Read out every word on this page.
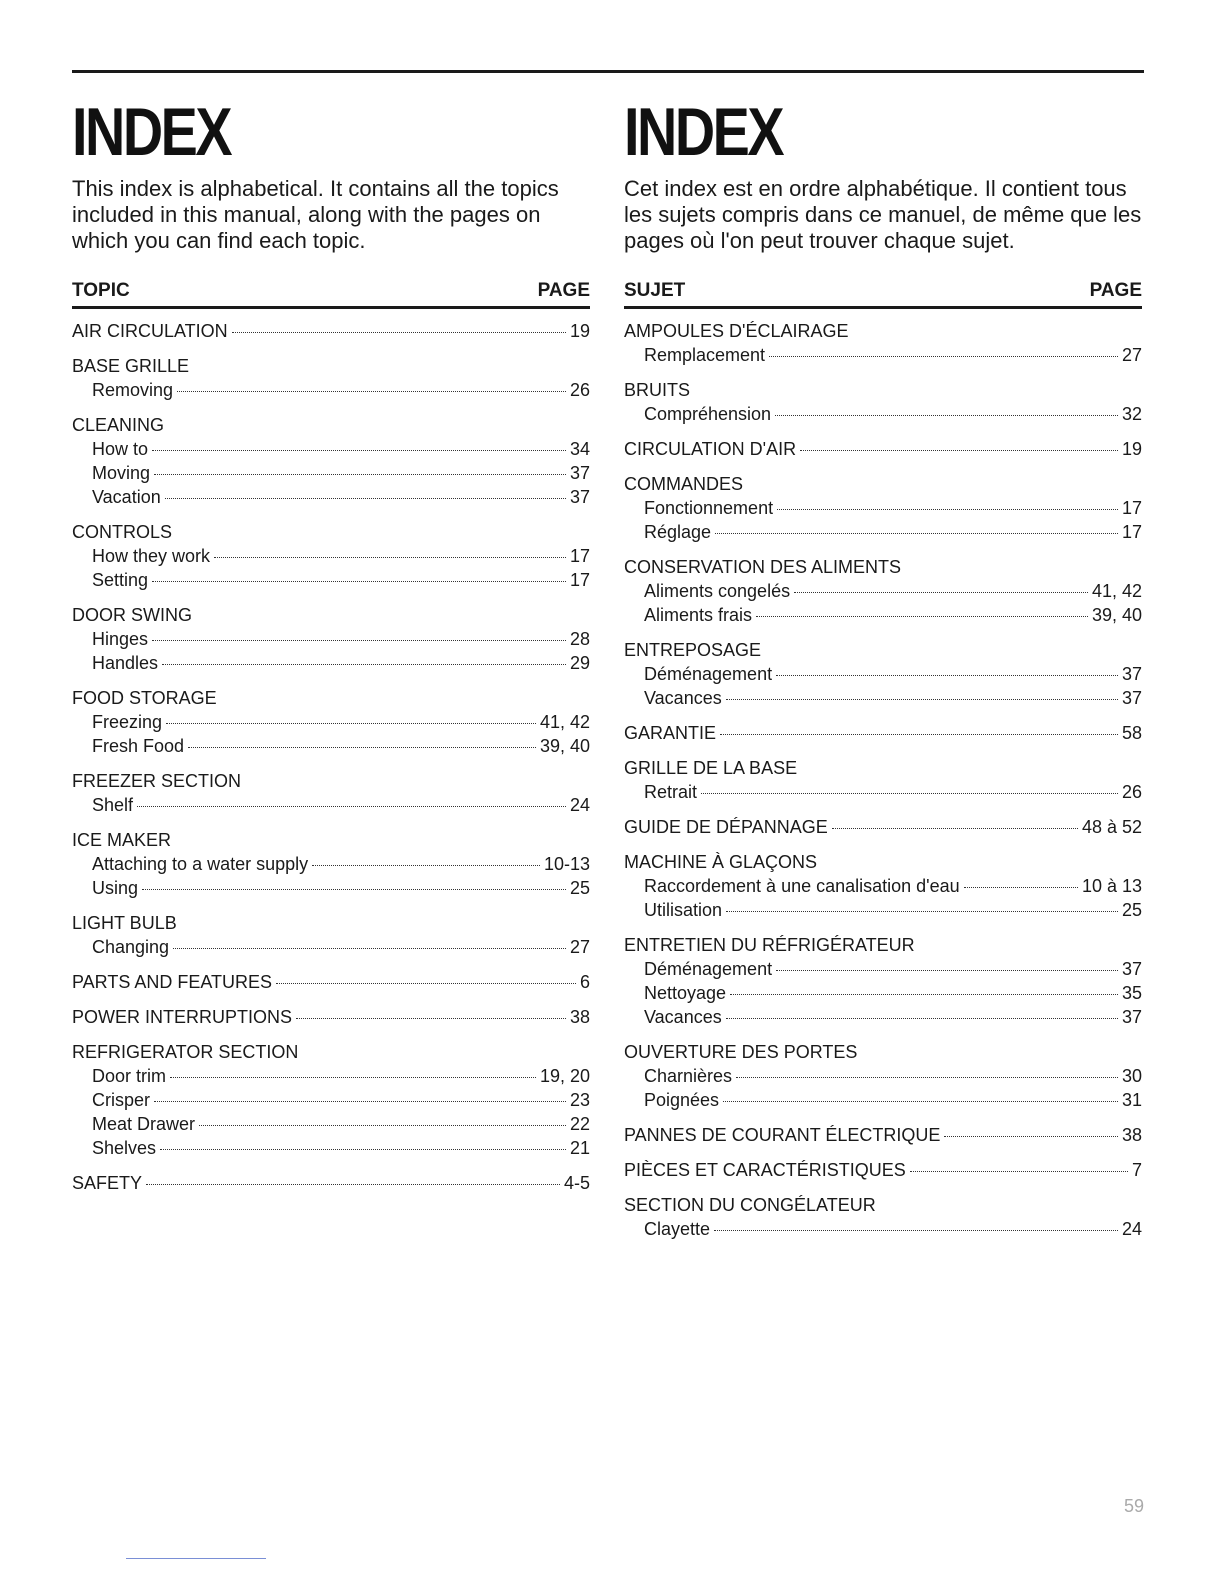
INDEX

This index is alphabetical. It contains all the topics included in this manual, along with the pages on which you can find each topic.

TOPIC	PAGE
AIR CIRCULATION	19
BASE GRILLE
Removing	26
CLEANING
How to	34
Moving	37
Vacation	37
CONTROLS
How they work	17
Setting	17
DOOR SWING
Hinges	28
Handles	29
FOOD STORAGE
Freezing	41, 42
Fresh Food	39, 40
FREEZER SECTION
Shelf	24
ICE MAKER
Attaching to a water supply	10-13
Using	25
LIGHT BULB
Changing	27
PARTS AND FEATURES	6
POWER INTERRUPTIONS	38
REFRIGERATOR SECTION
Door trim	19, 20
Crisper	23
Meat Drawer	22
Shelves	21
SAFETY	4-5
INDEX

Cet index est en ordre alphabétique. Il contient tous les sujets compris dans ce manuel, de même que les pages où l'on peut trouver chaque sujet.

SUJET	PAGE
AMPOULES D'ÉCLAIRAGE
Remplacement	27
BRUITS
Compréhension	32
CIRCULATION D'AIR	19
COMMANDES
Fonctionnement	17
Réglage	17
CONSERVATION DES ALIMENTS
Aliments congelés	41, 42
Aliments frais	39, 40
ENTREPOSAGE
Déménagement	37
Vacances	37
GARANTIE	58
GRILLE DE LA BASE
Retrait	26
GUIDE DE DÉPANNAGE	48 à 52
MACHINE À GLAÇONS
Raccordement à une canalisation d'eau	10 à 13
Utilisation	25
ENTRETIEN DU RÉFRIGÉRATEUR
Déménagement	37
Nettoyage	35
Vacances	37
OUVERTURE DES PORTES
Charnières	30
Poignées	31
PANNES DE COURANT ÉLECTRIQUE	38
PIÈCES ET CARACTÉRISTIQUES	7
SECTION DU CONGÉLATEUR
Clayette	24
59
